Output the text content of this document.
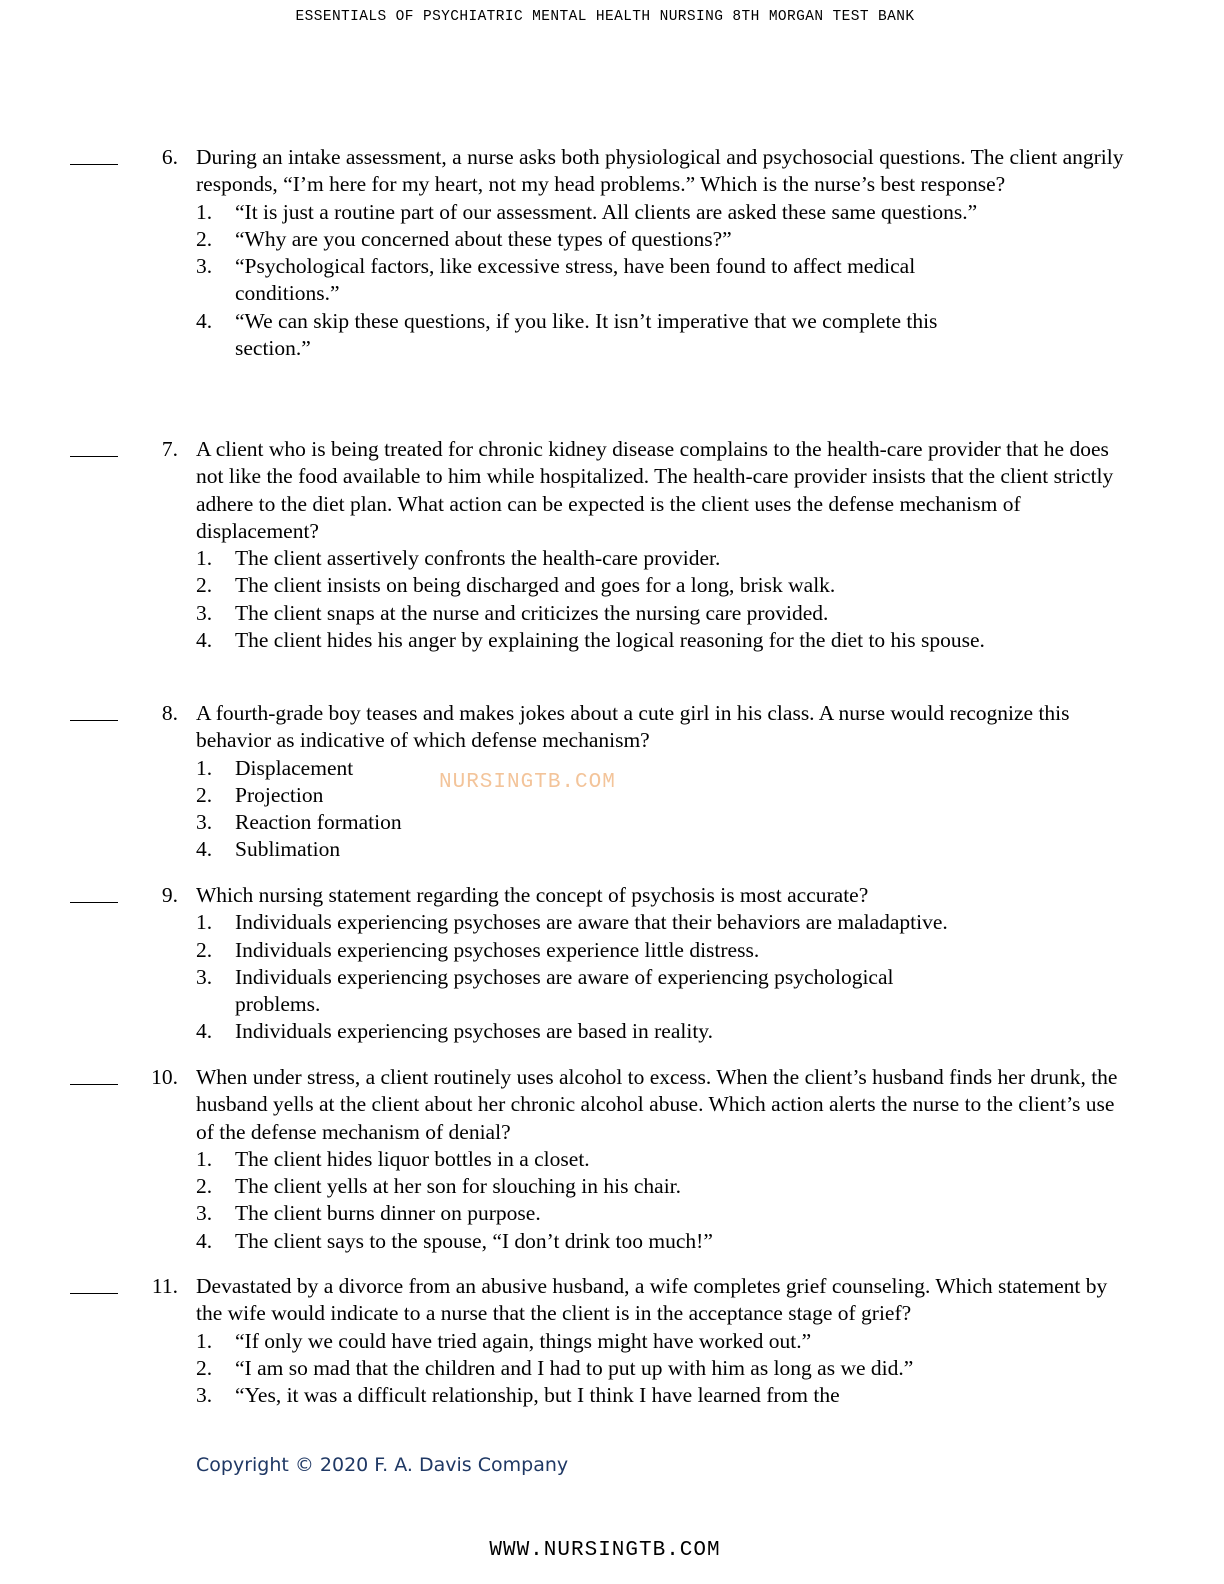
ESSENTIALS OF PSYCHIATRIC MENTAL HEALTH NURSING 8TH MORGAN TEST BANK
6. During an intake assessment, a nurse asks both physiological and psychosocial questions. The client angrily responds, “I’m here for my heart, not my head problems.” Which is the nurse’s best response?
1. “It is just a routine part of our assessment. All clients are asked these same questions.”
2. “Why are you concerned about these types of questions?”
3. “Psychological factors, like excessive stress, have been found to affect medical conditions.”
4. “We can skip these questions, if you like. It isn’t imperative that we complete this section.”
7. A client who is being treated for chronic kidney disease complains to the health-care provider that he does not like the food available to him while hospitalized. The health-care provider insists that the client strictly adhere to the diet plan. What action can be expected is the client uses the defense mechanism of displacement?
1. The client assertively confronts the health-care provider.
2. The client insists on being discharged and goes for a long, brisk walk.
3. The client snaps at the nurse and criticizes the nursing care provided.
4. The client hides his anger by explaining the logical reasoning for the diet to his spouse.
8. A fourth-grade boy teases and makes jokes about a cute girl in his class. A nurse would recognize this behavior as indicative of which defense mechanism?
1. Displacement
2. Projection
3. Reaction formation
4. Sublimation
9. Which nursing statement regarding the concept of psychosis is most accurate?
1. Individuals experiencing psychoses are aware that their behaviors are maladaptive.
2. Individuals experiencing psychoses experience little distress.
3. Individuals experiencing psychoses are aware of experiencing psychological problems.
4. Individuals experiencing psychoses are based in reality.
10. When under stress, a client routinely uses alcohol to excess. When the client’s husband finds her drunk, the husband yells at the client about her chronic alcohol abuse. Which action alerts the nurse to the client’s use of the defense mechanism of denial?
1. The client hides liquor bottles in a closet.
2. The client yells at her son for slouching in his chair.
3. The client burns dinner on purpose.
4. The client says to the spouse, “I don’t drink too much!”
11. Devastated by a divorce from an abusive husband, a wife completes grief counseling. Which statement by the wife would indicate to a nurse that the client is in the acceptance stage of grief?
1. “If only we could have tried again, things might have worked out.”
2. “I am so mad that the children and I had to put up with him as long as we did.”
3. “Yes, it was a difficult relationship, but I think I have learned from the
NURSINGTB.COM
Copyright © 2020 F. A. Davis Company
WWW.NURSINGTB.COM
